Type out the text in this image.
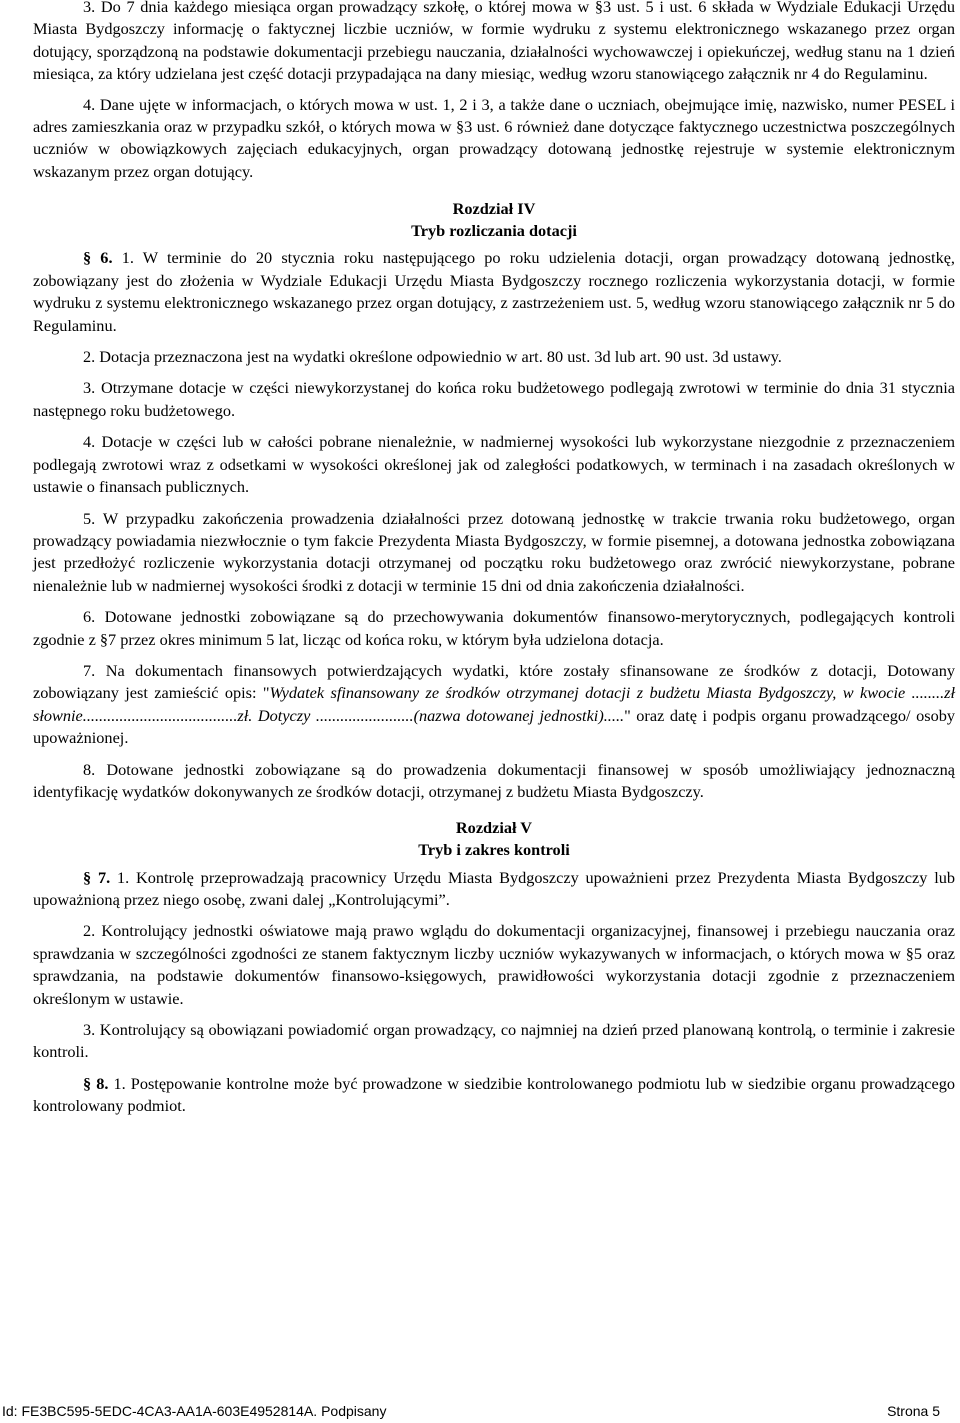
3. Do 7 dnia każdego miesiąca organ prowadzący szkołę, o której mowa w §3 ust. 5 i ust. 6 składa w Wydziale Edukacji Urzędu Miasta Bydgoszczy informację o faktycznej liczbie uczniów, w formie wydruku z systemu elektronicznego wskazanego przez organ dotujący, sporządzoną na podstawie dokumentacji przebiegu nauczania, działalności wychowawczej i opiekuńczej, według stanu na 1 dzień miesiąca, za który udzielana jest część dotacji przypadająca na dany miesiąc, według wzoru stanowiącego załącznik nr 4 do Regulaminu.

4. Dane ujęte w informacjach, o których mowa w ust. 1, 2 i 3, a także dane o uczniach, obejmujące imię, nazwisko, numer PESEL i adres zamieszkania oraz w przypadku szkół, o których mowa w §3 ust. 6 również dane dotyczące faktycznego uczestnictwa poszczególnych uczniów w obowiązkowych zajęciach edukacyjnych, organ prowadzący dotowaną jednostkę rejestruje w systemie elektronicznym wskazanym przez organ dotujący.

Rozdział IV
Tryb rozliczania dotacji

§ 6. 1. W terminie do 20 stycznia roku następującego po roku udzielenia dotacji, organ prowadzący dotowaną jednostkę, zobowiązany jest do złożenia w Wydziale Edukacji Urzędu Miasta Bydgoszczy rocznego rozliczenia wykorzystania dotacji, w formie wydruku z systemu elektronicznego wskazanego przez organ dotujący, z zastrzeżeniem ust. 5, według wzoru stanowiącego załącznik nr 5 do Regulaminu.

2. Dotacja przeznaczona jest na wydatki określone odpowiednio w art. 80 ust. 3d lub art. 90 ust. 3d ustawy.

3. Otrzymane dotacje w części niewykorzystanej do końca roku budżetowego podlegają zwrotowi w terminie do dnia 31 stycznia następnego roku budżetowego.

4. Dotacje w części lub w całości pobrane nienależnie, w nadmiernej wysokości lub wykorzystane niezgodnie z przeznaczeniem podlegają zwrotowi wraz z odsetkami w wysokości określonej jak od zaległości podatkowych, w terminach i na zasadach określonych w ustawie o finansach publicznych.

5. W przypadku zakończenia prowadzenia działalności przez dotowaną jednostkę w trakcie trwania roku budżetowego, organ prowadzący powiadamia niezwłocznie o tym fakcie Prezydenta Miasta Bydgoszczy, w formie pisemnej, a dotowana jednostka zobowiązana jest przedłożyć rozliczenie wykorzystania dotacji otrzymanej od początku roku budżetowego oraz zwrócić niewykorzystane, pobrane nienależnie lub w nadmiernej wysokości środki z dotacji w terminie 15 dni od dnia zakończenia działalności.

6. Dotowane jednostki zobowiązane są do przechowywania dokumentów finansowo-merytorycznych, podlegających kontroli zgodnie z §7 przez okres minimum 5 lat, licząc od końca roku, w którym była udzielona dotacja.

7. Na dokumentach finansowych potwierdzających wydatki, które zostały sfinansowane ze środków z dotacji, Dotowany zobowiązany jest zamieścić opis: "Wydatek sfinansowany ze środków otrzymanej dotacji z budżetu Miasta Bydgoszczy, w kwocie ........zł słownie......................................zł. Dotyczy ........................(nazwa dotowanej jednostki)....." oraz datę i podpis organu prowadzącego/ osoby upoważnionej.

8. Dotowane jednostki zobowiązane są do prowadzenia dokumentacji finansowej w sposób umożliwiający jednoznaczną identyfikację wydatków dokonywanych ze środków dotacji, otrzymanej z budżetu Miasta Bydgoszczy.

Rozdział V
Tryb i zakres kontroli

§ 7. 1. Kontrolę przeprowadzają pracownicy Urzędu Miasta Bydgoszczy upoważnieni przez Prezydenta Miasta Bydgoszczy lub upoważnioną przez niego osobę, zwani dalej „Kontrolującymi”.

2. Kontrolujący jednostki oświatowe mają prawo wglądu do dokumentacji organizacyjnej, finansowej i przebiegu nauczania oraz sprawdzania w szczególności zgodności ze stanem faktycznym liczby uczniów wykazywanych w informacjach, o których mowa w §5 oraz sprawdzania, na podstawie dokumentów finansowo-księgowych, prawidłowości wykorzystania dotacji zgodnie z przeznaczeniem określonym w ustawie.

3. Kontrolujący są obowiązani powiadomić organ prowadzący, co najmniej na dzień przed planowaną kontrolą, o terminie i zakresie kontroli.

§ 8. 1. Postępowanie kontrolne może być prowadzone w siedzibie kontrolowanego podmiotu lub w siedzibie organu prowadzącego kontrolowany podmiot.

Id: FE3BC595-5EDC-4CA3-AA1A-603E4952814A. Podpisany	Strona 5
